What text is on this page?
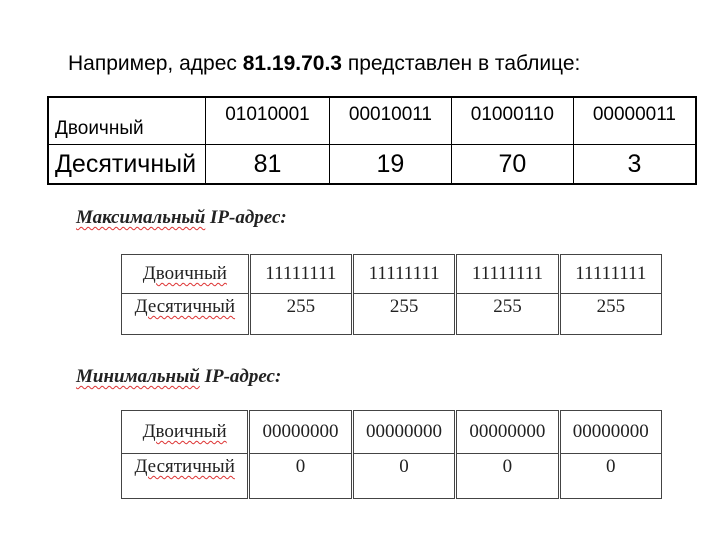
Например, адрес 81.19.70.3 представлен в таблице:
Двоичный	01010001	00010011	01000110	00000011
Десятичный	81	19	70	3
Максимальный IP-адрес:
Двоичный	11111111	11111111	11111111	11111111
Десятичный	255	255	255	255
Минимальный IP-адрес:
Двоичный	00000000	00000000	00000000	00000000
Десятичный	0	0	0	0
